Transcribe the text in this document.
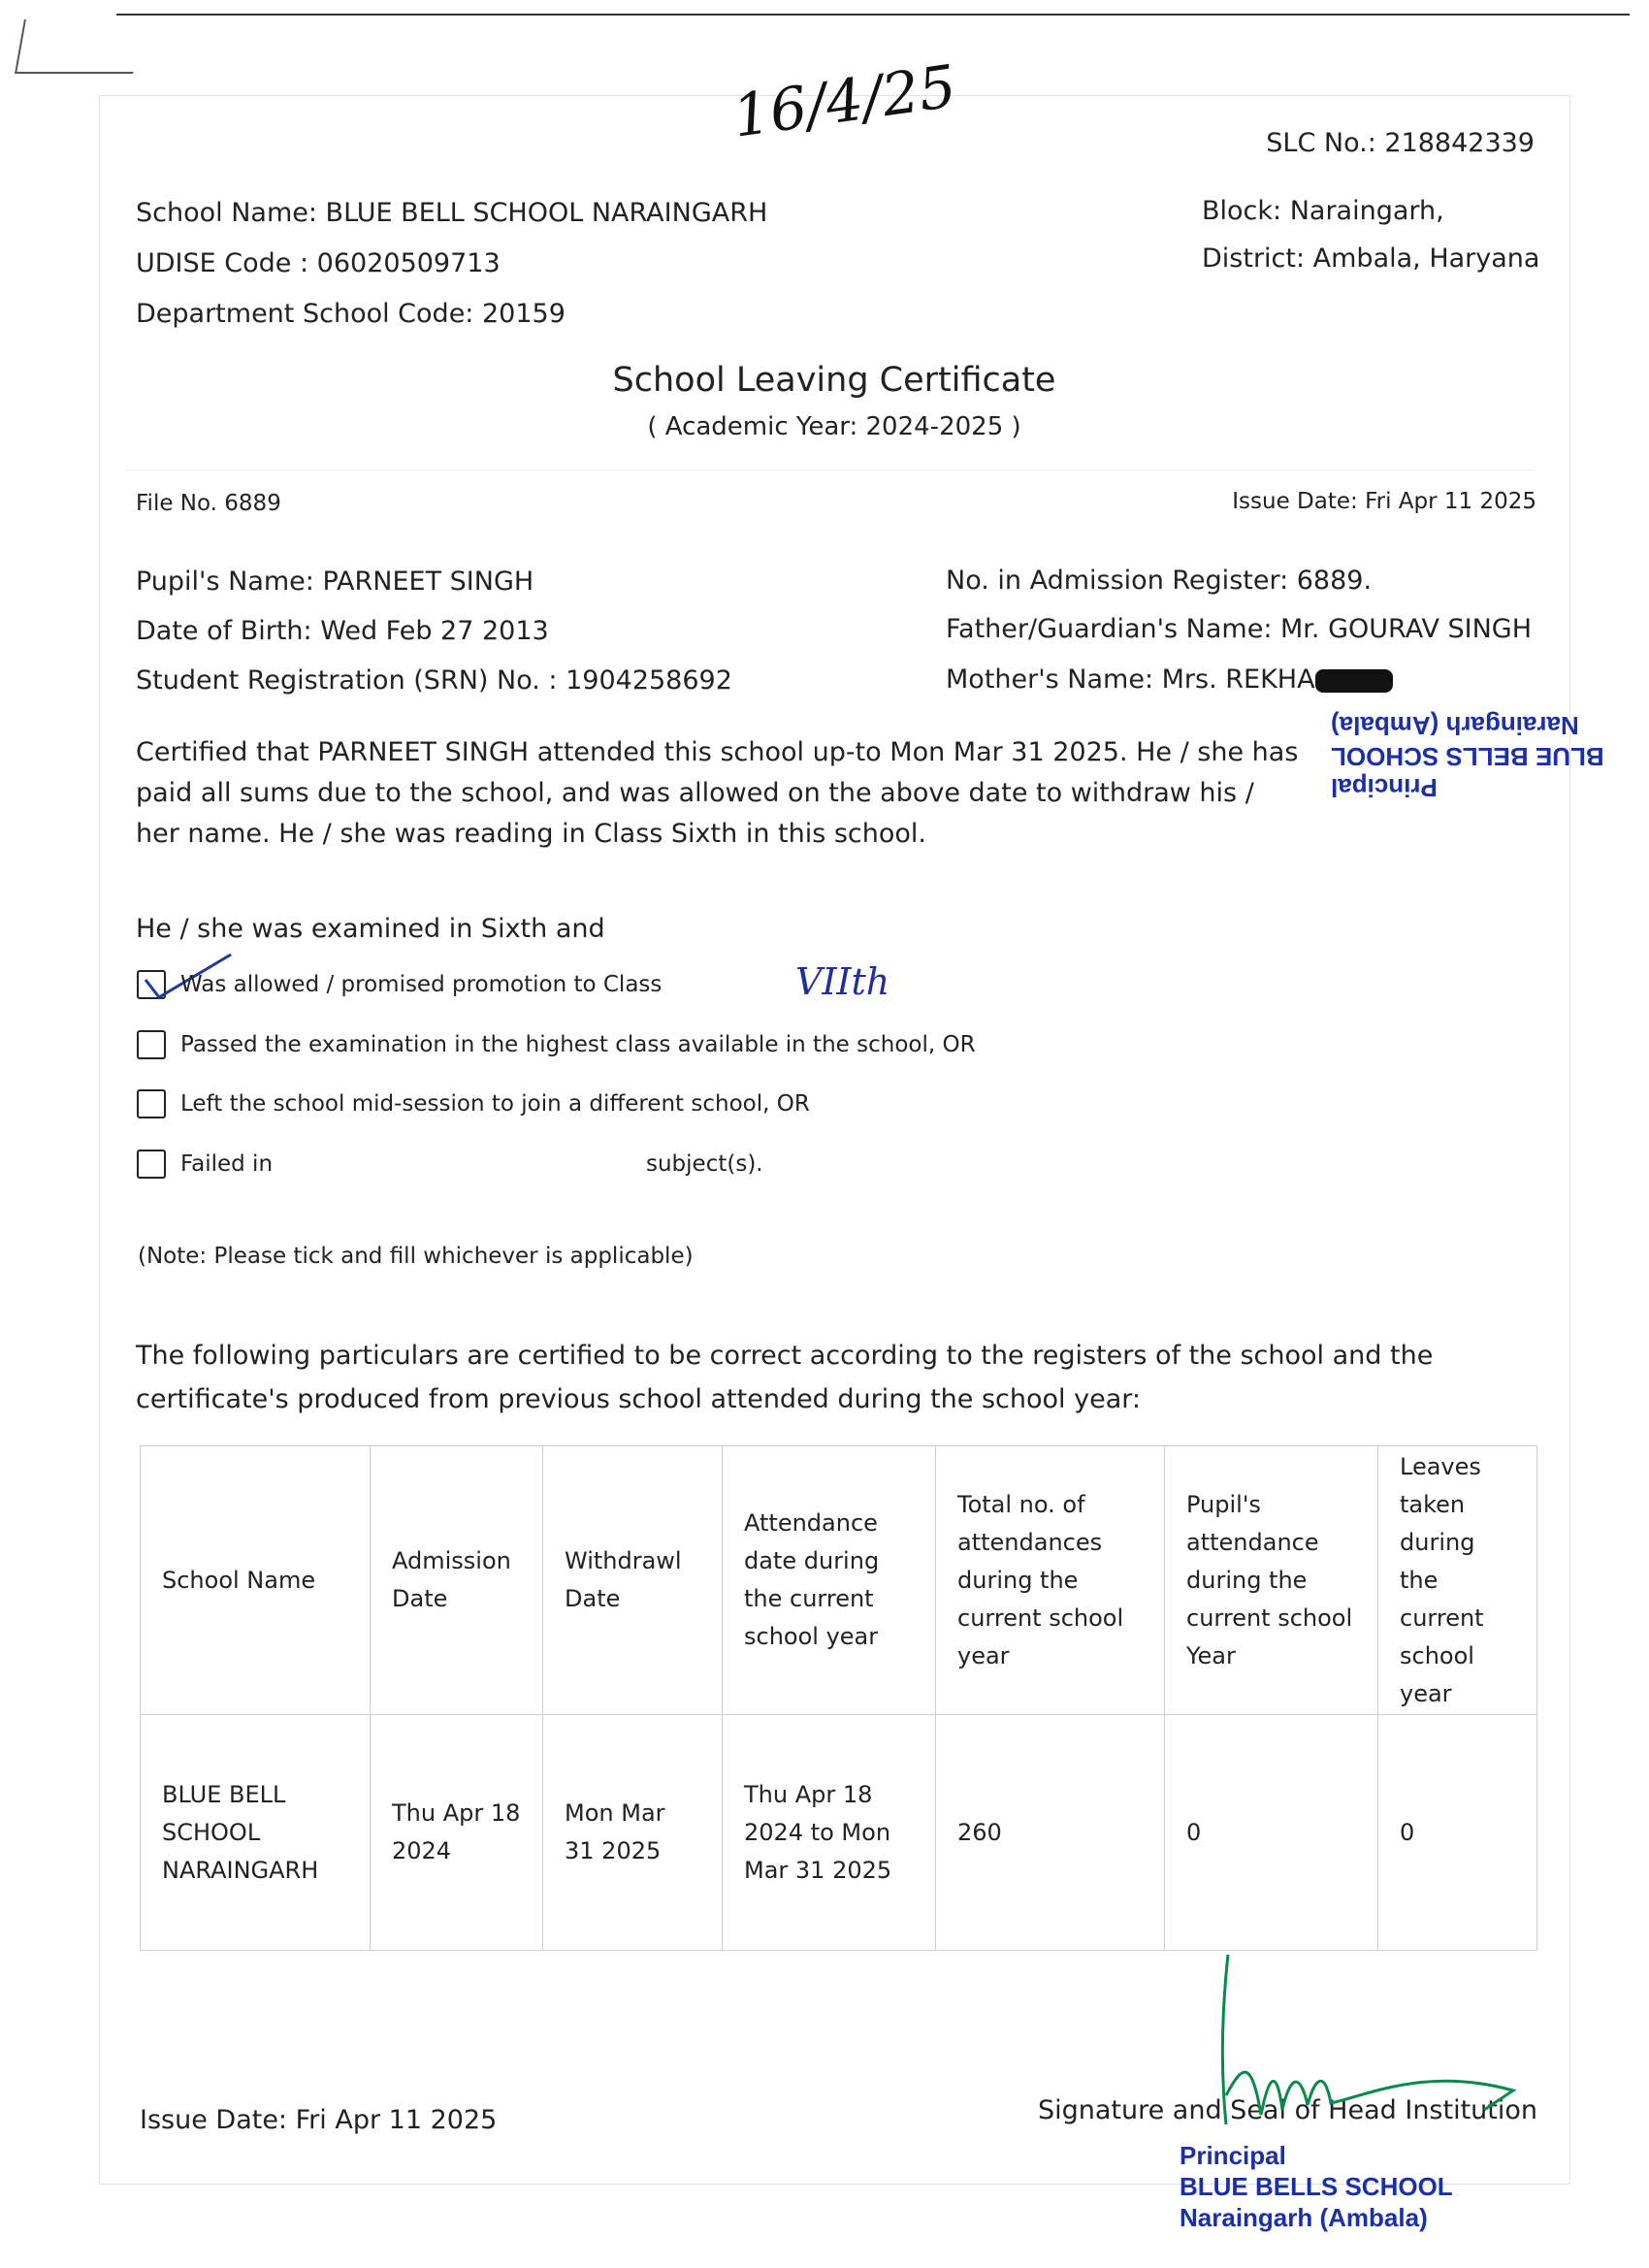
16/4/25	SLC No.: 218842339
School Name: BLUE BELL SCHOOL NARAINGARH
UDISE Code : 06020509713
Department School Code: 20159
Block: Naraingarh,
District: Ambala, Haryana
School Leaving Certificate
( Academic Year: 2024-2025 )
File No. 6889	Issue Date: Fri Apr 11 2025
Pupil's Name: PARNEET SINGH
Date of Birth: Wed Feb 27 2013
Student Registration (SRN) No. : 1904258692
No. in Admission Register: 6889.
Father/Guardian's Name: Mr. GOURAV SINGH
Mother's Name: Mrs. REKHA
Principal
BLUE BELLS SCHOOL
Naraingarh (Ambala)
Certified that PARNEET SINGH attended this school up-to Mon Mar 31 2025. He / she has paid all sums due to the school, and was allowed on the above date to withdraw his / her name. He / she was reading in Class Sixth in this school.
He / she was examined in Sixth and
Was allowed / promised promotion to Class	VIIth
Passed the examination in the highest class available in the school, OR
Left the school mid-session to join a different school, OR
Failed in	subject(s).
(Note: Please tick and fill whichever is applicable)
The following particulars are certified to be correct according to the registers of the school and the certificate's produced from previous school attended during the school year:
School Name	Admission Date	Withdrawl Date	Attendance date during the current school year	Total no. of attendances during the current school year	Pupil's attendance during the current school Year	Leaves taken during the current school year
BLUE BELL SCHOOL NARAINGARH	Thu Apr 18 2024	Mon Mar 31 2025	Thu Apr 18 2024 to Mon Mar 31 2025	260	0	0
Issue Date: Fri Apr 11 2025	Signature and Seal of Head Institution
Principal
BLUE BELLS SCHOOL
Naraingarh (Ambala)
